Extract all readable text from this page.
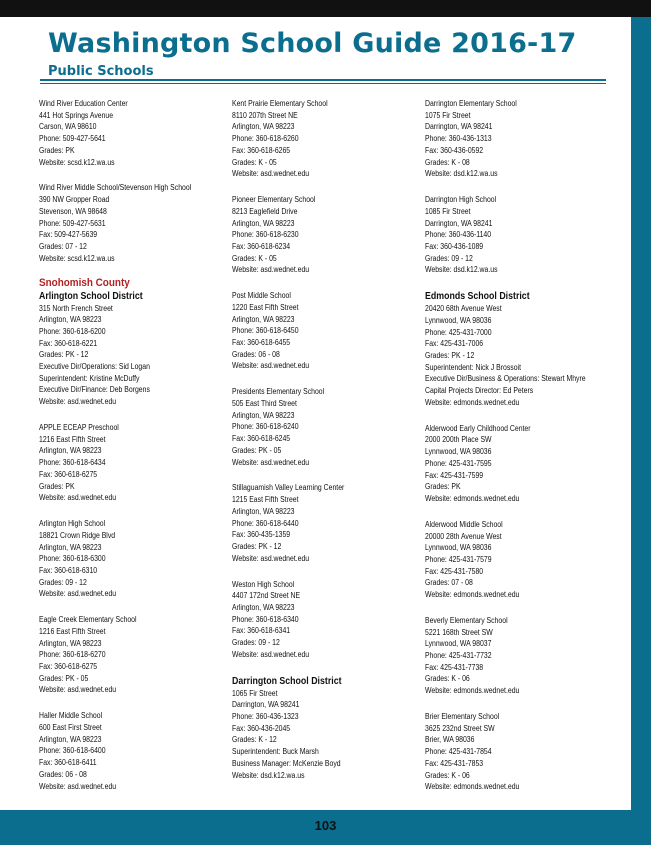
Washington School Guide 2016-17
Public Schools
Wind River Education Center
441 Hot Springs Avenue
Carson, WA 98610
Phone: 509-427-5641
Grades: PK
Website: scsd.k12.wa.us
Wind River Middle School/Stevenson High School
390 NW Gropper Road
Stevenson, WA 98648
Phone: 509-427-5631
Fax: 509-427-5639
Grades: 07 - 12
Website: scsd.k12.wa.us
Snohomish County
Arlington School District
315 North French Street
Arlington, WA 98223
Phone: 360-618-6200
Fax: 360-618-6221
Grades: PK - 12
Executive Dir/Operations: Sid Logan
Superintendent: Kristine McDuffy
Executive Dir/Finance: Deb Borgens
Website: asd.wednet.edu
APPLE ECEAP Preschool
1216 East Fifth Street
Arlington, WA 98223
Phone: 360-618-6434
Fax: 360-618-6275
Grades: PK
Website: asd.wednet.edu
Arlington High School
18821 Crown Ridge Blvd
Arlington, WA 98223
Phone: 360-618-6300
Fax: 360-618-6310
Grades: 09 - 12
Website: asd.wednet.edu
Eagle Creek Elementary School
1216 East Fifth Street
Arlington, WA 98223
Phone: 360-618-6270
Fax: 360-618-6275
Grades: PK - 05
Website: asd.wednet.edu
Haller Middle School
600 East First Street
Arlington, WA 98223
Phone: 360-618-6400
Fax: 360-618-6411
Grades: 06 - 08
Website: asd.wednet.edu
Kent Prairie Elementary School
8110 207th Street NE
Arlington, WA 98223
Phone: 360-618-6260
Fax: 360-618-6265
Grades: K - 05
Website: asd.wednet.edu
Pioneer Elementary School
8213 Eaglefield Drive
Arlington, WA 98223
Phone: 360-618-6230
Fax: 360-618-6234
Grades: K - 05
Website: asd.wednet.edu
Post Middle School
1220 East Fifth Street
Arlington, WA 98223
Phone: 360-618-6450
Fax: 360-618-6455
Grades: 06 - 08
Website: asd.wednet.edu
Presidents Elementary School
505 East Third Street
Arlington, WA 98223
Phone: 360-618-6240
Fax: 360-618-6245
Grades: PK - 05
Website: asd.wednet.edu
Stillaguamish Valley Learning Center
1215 East Fifth Street
Arlington, WA 98223
Phone: 360-618-6440
Fax: 360-435-1359
Grades: PK - 12
Website: asd.wednet.edu
Weston High School
4407 172nd Street NE
Arlington, WA 98223
Phone: 360-618-6340
Fax: 360-618-6341
Grades: 09 - 12
Website: asd.wednet.edu
Darrington School District
1065 Fir Street
Darrington, WA 98241
Phone: 360-436-1323
Fax: 360-436-2045
Grades: K - 12
Superintendent: Buck Marsh
Business Manager: McKenzie Boyd
Website: dsd.k12.wa.us
Darrington Elementary School
1075 Fir Street
Darrington, WA 98241
Phone: 360-436-1313
Fax: 360-436-0592
Grades: K - 08
Website: dsd.k12.wa.us
Darrington High School
1085 Fir Street
Darrington, WA 98241
Phone: 360-436-1140
Fax: 360-436-1089
Grades: 09 - 12
Website: dsd.k12.wa.us
Edmonds School District
20420 68th Avenue West
Lynnwood, WA 98036
Phone: 425-431-7000
Fax: 425-431-7006
Grades: PK - 12
Superintendent: Nick J Brossoit
Executive Dir/Business & Operations: Stewart Mhyre
Capital Projects Director: Ed Peters
Website: edmonds.wednet.edu
Alderwood Early Childhood Center
2000 200th Place SW
Lynnwood, WA 98036
Phone: 425-431-7595
Fax: 425-431-7599
Grades: PK
Website: edmonds.wednet.edu
Alderwood Middle School
20000 28th Avenue West
Lynnwood, WA 98036
Phone: 425-431-7579
Fax: 425-431-7580
Grades: 07 - 08
Website: edmonds.wednet.edu
Beverly Elementary School
5221 168th Street SW
Lynnwood, WA 98037
Phone: 425-431-7732
Fax: 425-431-7738
Grades: K - 06
Website: edmonds.wednet.edu
Brier Elementary School
3625 232nd Street SW
Brier, WA 98036
Phone: 425-431-7854
Fax: 425-431-7853
Grades: K - 06
Website: edmonds.wednet.edu
103
